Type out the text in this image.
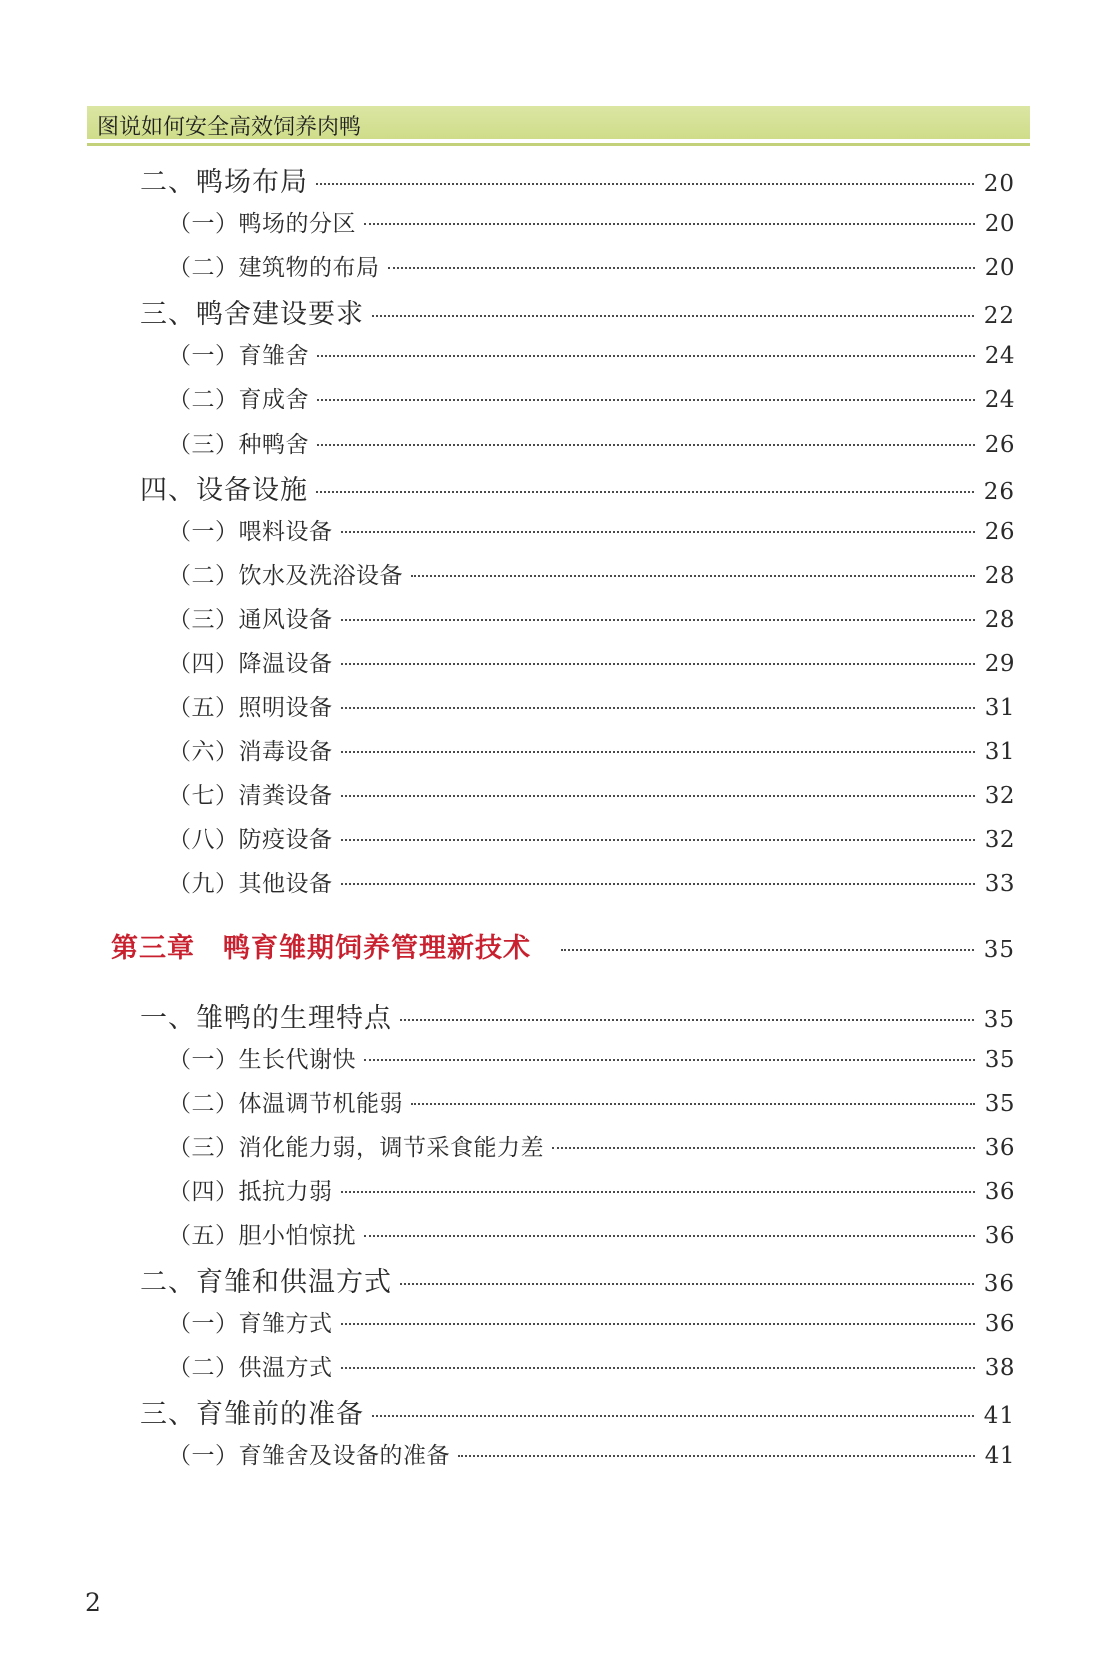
图说如何安全高效饲养肉鸭
二、鸭场布局	20
（一）鸭场的分区	20
（二）建筑物的布局	20
三、鸭舍建设要求	22
（一）育雏舍	24
（二）育成舍	24
（三）种鸭舍	26
四、设备设施	26
（一）喂料设备	26
（二）饮水及洗浴设备	28
（三）通风设备	28
（四）降温设备	29
（五）照明设备	31
（六）消毒设备	31
（七）清粪设备	32
（八）防疫设备	32
（九）其他设备	33
第三章　鸭育雏期饲养管理新技术	35
一、雏鸭的生理特点	35
（一）生长代谢快	35
（二）体温调节机能弱	35
（三）消化能力弱，调节采食能力差	36
（四）抵抗力弱	36
（五）胆小怕惊扰	36
二、育雏和供温方式	36
（一）育雏方式	36
（二）供温方式	38
三、育雏前的准备	41
（一）育雏舍及设备的准备	41
2
